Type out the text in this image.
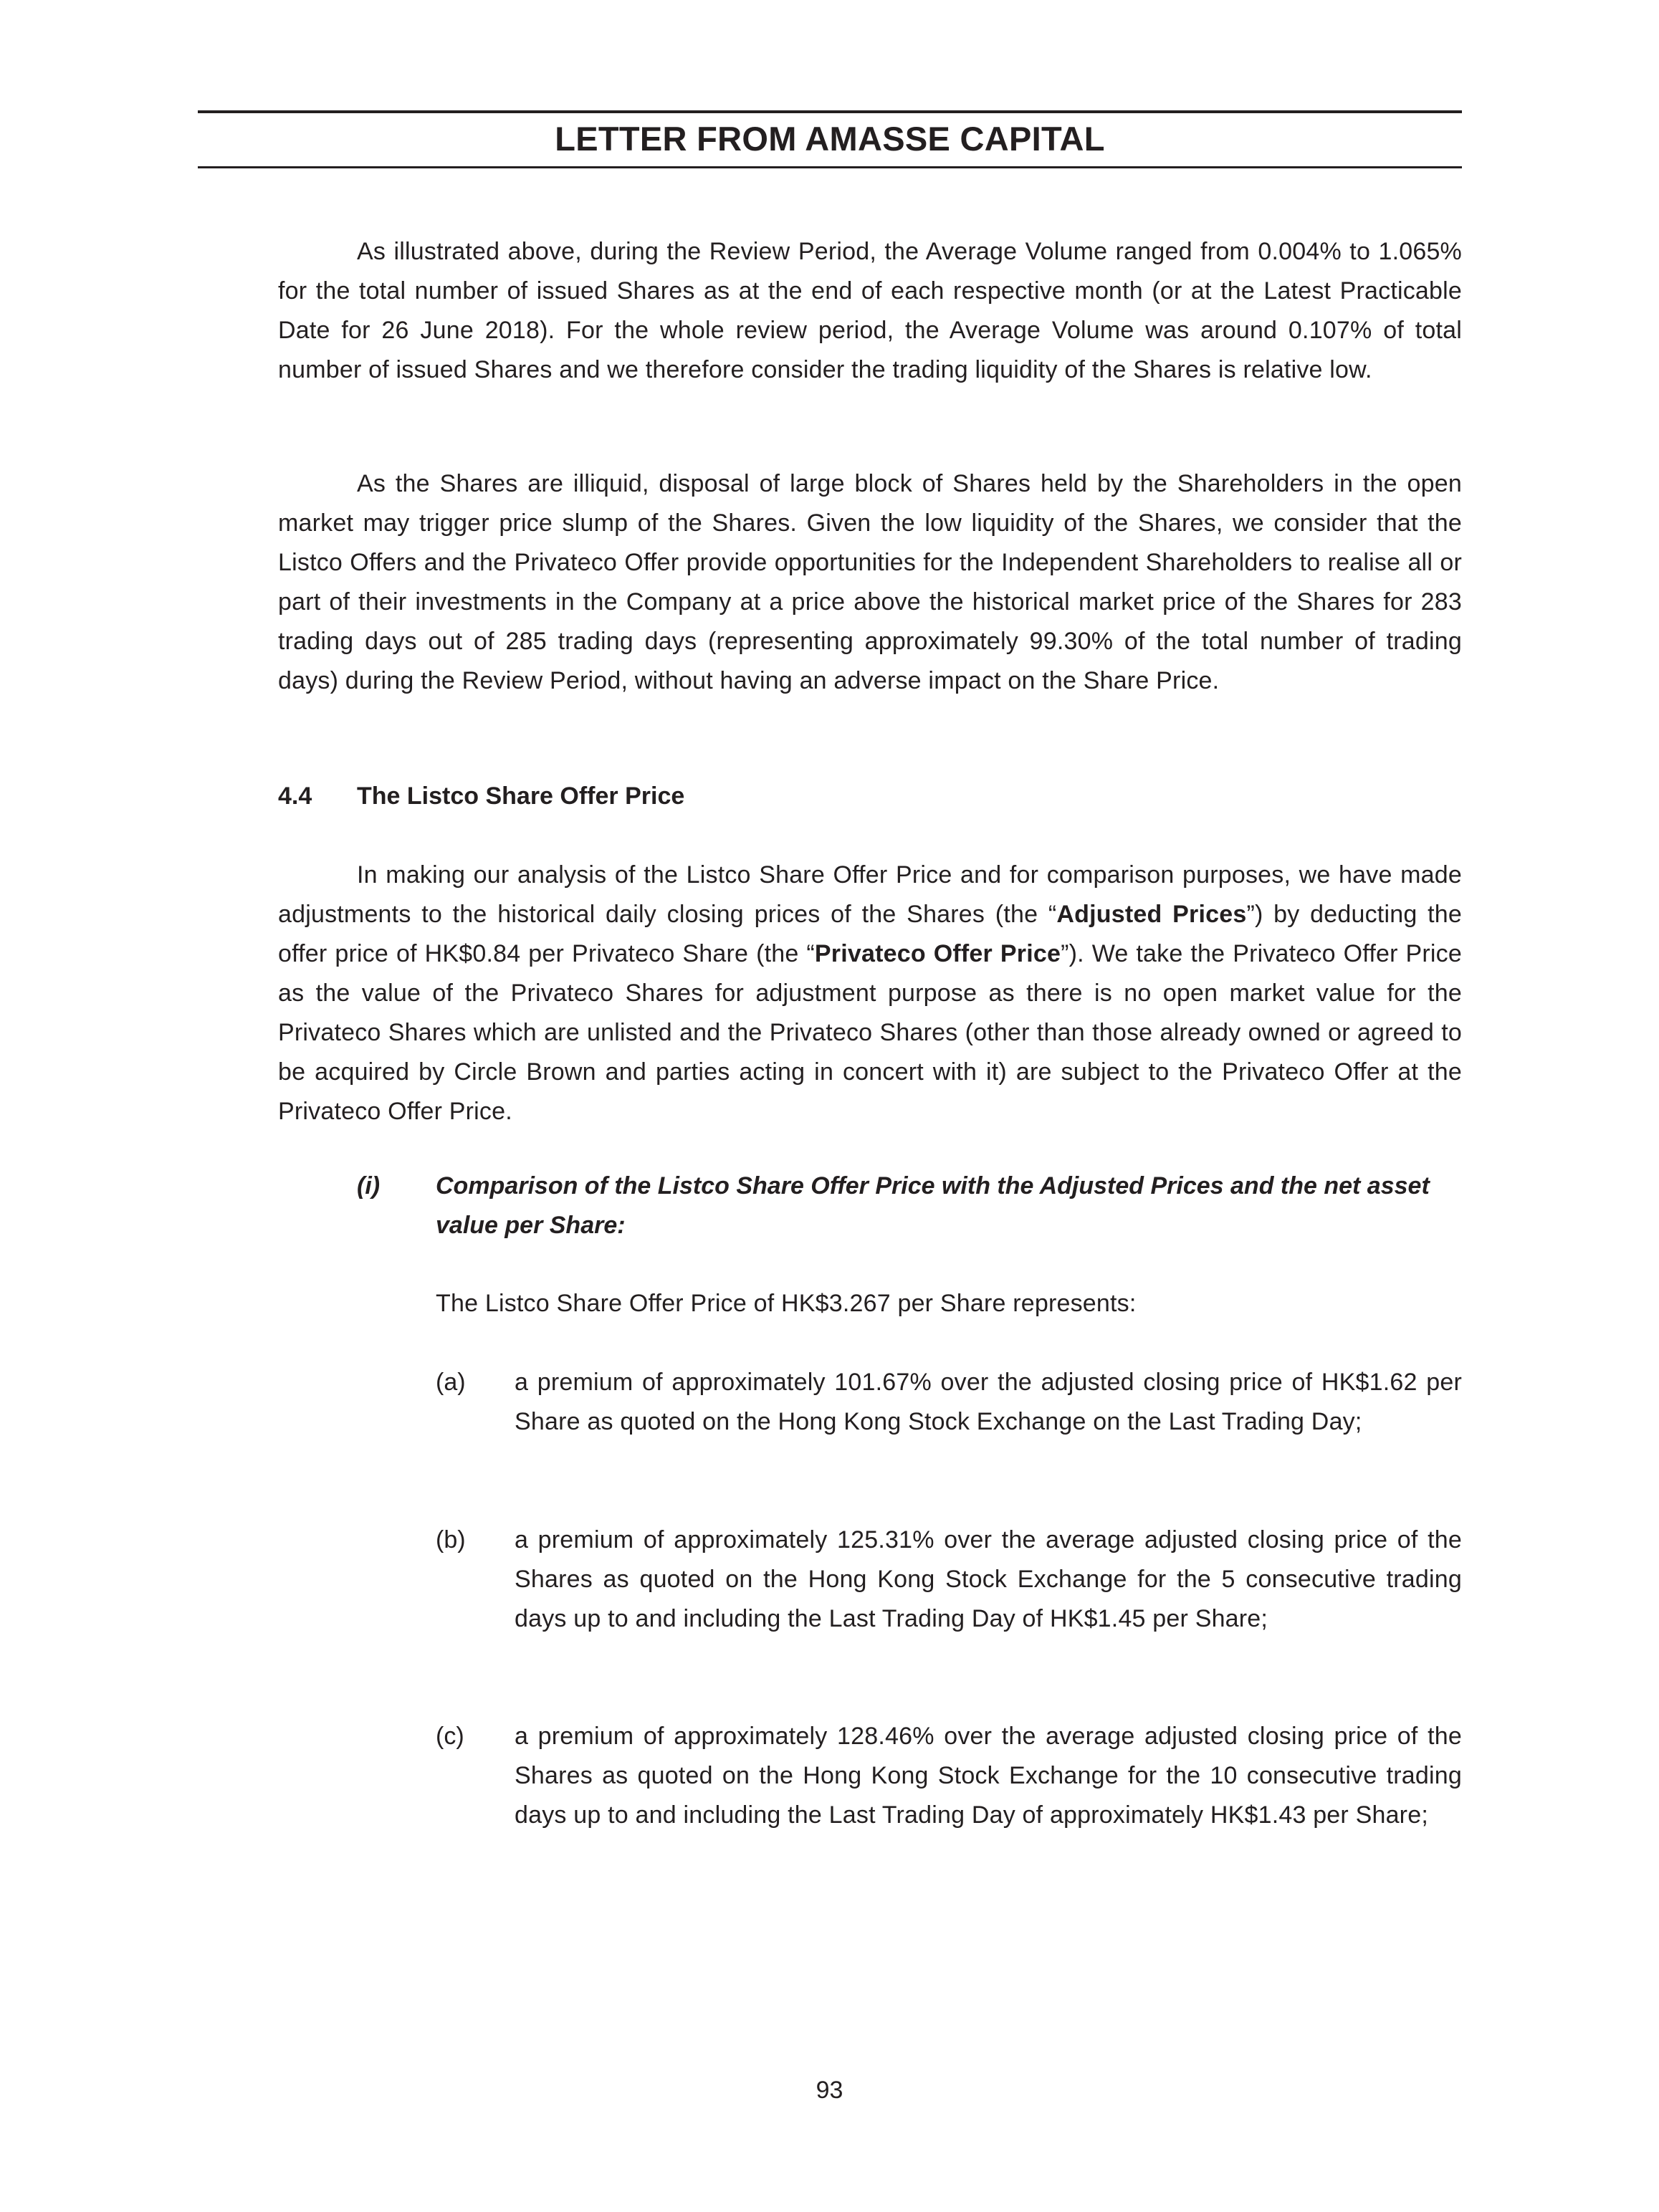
LETTER FROM AMASSE CAPITAL

As illustrated above, during the Review Period, the Average Volume ranged from 0.004% to 1.065% for the total number of issued Shares as at the end of each respective month (or at the Latest Practicable Date for 26 June 2018). For the whole review period, the Average Volume was around 0.107% of total number of issued Shares and we therefore consider the trading liquidity of the Shares is relative low.

As the Shares are illiquid, disposal of large block of Shares held by the Shareholders in the open market may trigger price slump of the Shares. Given the low liquidity of the Shares, we consider that the Listco Offers and the Privateco Offer provide opportunities for the Independent Shareholders to realise all or part of their investments in the Company at a price above the historical market price of the Shares for 283 trading days out of 285 trading days (representing approximately 99.30% of the total number of trading days) during the Review Period, without having an adverse impact on the Share Price.

4.4 The Listco Share Offer Price

In making our analysis of the Listco Share Offer Price and for comparison purposes, we have made adjustments to the historical daily closing prices of the Shares (the “Adjusted Prices”) by deducting the offer price of HK$0.84 per Privateco Share (the “Privateco Offer Price”). We take the Privateco Offer Price as the value of the Privateco Shares for adjustment purpose as there is no open market value for the Privateco Shares which are unlisted and the Privateco Shares (other than those already owned or agreed to be acquired by Circle Brown and parties acting in concert with it) are subject to the Privateco Offer at the Privateco Offer Price.

(i) Comparison of the Listco Share Offer Price with the Adjusted Prices and the net asset value per Share:
The Listco Share Offer Price of HK$3.267 per Share represents:
(a) a premium of approximately 101.67% over the adjusted closing price of HK$1.62 per Share as quoted on the Hong Kong Stock Exchange on the Last Trading Day;

(b) a premium of approximately 125.31% over the average adjusted closing price of the Shares as quoted on the Hong Kong Stock Exchange for the 5 consecutive trading days up to and including the Last Trading Day of HK$1.45 per Share;

(c) a premium of approximately 128.46% over the average adjusted closing price of the Shares as quoted on the Hong Kong Stock Exchange for the 10 consecutive trading days up to and including the Last Trading Day of approximately HK$1.43 per Share;

93
